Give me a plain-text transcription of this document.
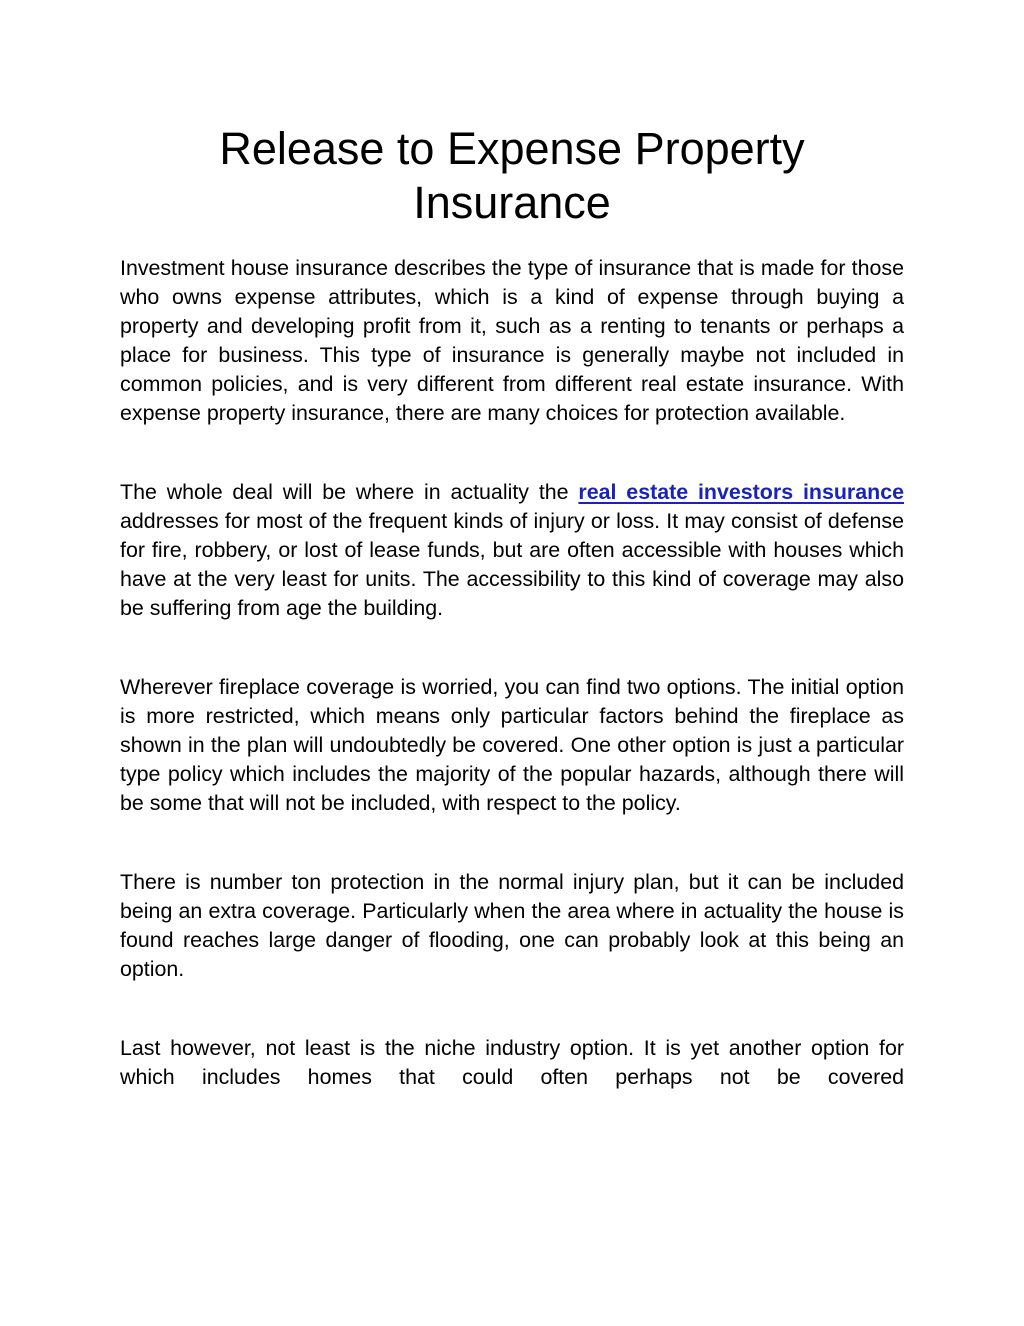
Release to Expense Property Insurance

Investment house insurance describes the type of insurance that is made for those who owns expense attributes, which is a kind of expense through buying a property and developing profit from it, such as a renting to tenants or perhaps a place for business. This type of insurance is generally maybe not included in common policies, and is very different from different real estate insurance. With expense property insurance, there are many choices for protection available.

The whole deal will be where in actuality the real estate investors insurance addresses for most of the frequent kinds of injury or loss. It may consist of defense for fire, robbery, or lost of lease funds, but are often accessible with houses which have at the very least for units. The accessibility to this kind of coverage may also be suffering from age the building.

Wherever fireplace coverage is worried, you can find two options. The initial option is more restricted, which means only particular factors behind the fireplace as shown in the plan will undoubtedly be covered. One other option is just a particular type policy which includes the majority of the popular hazards, although there will be some that will not be included, with respect to the policy.

There is number ton protection in the normal injury plan, but it can be included being an extra coverage. Particularly when the area where in actuality the house is found reaches large danger of flooding, one can probably look at this being an option.

Last however, not least is the niche industry option. It is yet another option for which includes homes that could often perhaps not be covered
